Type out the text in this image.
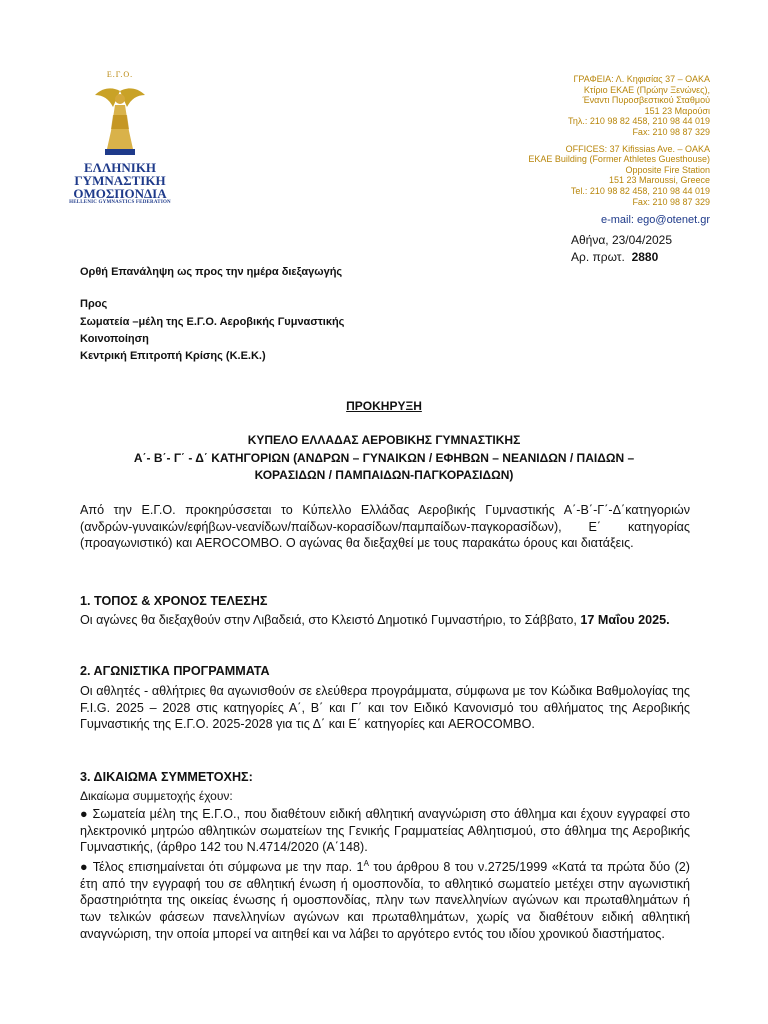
Ε.Γ.Ο.
ΕΛΛΗΝΙΚΗ
ΓΥΜΝΑΣΤΙΚΗ
ΟΜΟΣΠΟΝΔΙΑ
HELLENIC GYMNASTICS FEDERATION
ΓΡΑΦΕΙΑ: Λ. Κηφισίας 37 – ΟΑΚΑ
Κτίριο ΕΚΑΕ (Πρώην Ξενώνες),
Έναντι Πυροσβεστικού Σταθμού
151 23 Μαρούσι
Τηλ.: 210 98 82 458, 210 98 44 019
Fax: 210 98 87 329
OFFICES: 37 Kifissias Ave. – OAKA
EKAE Building (Former Athletes Guesthouse)
Opposite Fire Station
151 23 Maroussi, Greece
Tel.: 210 98 82 458, 210 98 44 019
Fax: 210 98 87 329
e-mail: ego@otenet.gr
Αθήνα, 23/04/2025
Αρ. πρωτ. 2880
Ορθή Επανάληψη ως προς την ημέρα διεξαγωγής
Προς
Σωματεία –μέλη της Ε.Γ.Ο. Αεροβικής Γυμναστικής
Κοινοποίηση
Κεντρική Επιτροπή Κρίσης (Κ.Ε.Κ.)
ΠΡΟΚΗΡΥΞΗ
ΚΥΠΕΛΟ ΕΛΛΑΔΑΣ ΑΕΡΟΒΙΚΗΣ ΓΥΜΝΑΣΤΙΚΗΣ
Α΄- Β΄- Γ΄ - Δ΄ ΚΑΤΗΓΟΡΙΩΝ (ΑΝΔΡΩΝ – ΓΥΝΑΙΚΩΝ / ΕΦΗΒΩΝ – ΝΕΑΝΙΔΩΝ / ΠΑΙΔΩΝ –
ΚΟΡΑΣΙΔΩΝ / ΠΑΜΠΑΙΔΩΝ-ΠΑΓΚΟΡΑΣΙΔΩΝ)
Από την Ε.Γ.Ο. προκηρύσσεται το Κύπελλο Ελλάδας Αεροβικής Γυμναστικής Α΄-Β΄-Γ΄-Δ΄κατηγοριών (ανδρών-γυναικών/εφήβων-νεανίδων/παίδων-κορασίδων/παμπαίδων-παγκορασίδων), Ε΄ κατηγορίας (προαγωνιστικό) και AEROCOMBO. Ο αγώνας θα διεξαχθεί με τους παρακάτω όρους και διατάξεις.
1. ΤΟΠΟΣ & ΧΡΟΝΟΣ ΤΕΛΕΣΗΣ
Οι αγώνες θα διεξαχθούν στην Λιβαδειά, στο Κλειστό Δημοτικό Γυμναστήριο, το Σάββατο, 17 Μαΐου 2025.
2. ΑΓΩΝΙΣΤΙΚΑ ΠΡΟΓΡΑΜΜΑΤΑ
Οι αθλητές - αθλήτριες θα αγωνισθούν σε ελεύθερα προγράμματα, σύμφωνα με τον Κώδικα Βαθμολογίας της F.I.G. 2025 – 2028 στις κατηγορίες Α΄, Β΄ και Γ΄ και τον Ειδικό Κανονισμό του αθλήματος της Αεροβικής Γυμναστικής της Ε.Γ.Ο. 2025-2028 για τις Δ΄ και Ε΄ κατηγορίες και AEROCOMBO.
3. ΔΙΚΑΙΩΜΑ ΣΥΜΜΕΤΟΧΗΣ:
Δικαίωμα συμμετοχής έχουν:
● Σωματεία μέλη της Ε.Γ.Ο., που διαθέτουν ειδική αθλητική αναγνώριση στο άθλημα και έχουν εγγραφεί στο ηλεκτρονικό μητρώο αθλητικών σωματείων της Γενικής Γραμματείας Αθλητισμού, στο άθλημα της Αεροβικής Γυμναστικής, (άρθρο 142 του Ν.4714/2020 (Α΄148).
● Τέλος επισημαίνεται ότι σύμφωνα με την παρ. $1^A$ του άρθρου 8 του ν.2725/1999 «Κατά τα πρώτα δύο (2) έτη από την εγγραφή του σε αθλητική ένωση ή ομοσπονδία, το αθλητικό σωματείο μετέχει στην αγωνιστική δραστηριότητα της οικείας ένωσης ή ομοσπονδίας, πλην των πανελληνίων αγώνων και πρωταθλημάτων ή των τελικών φάσεων πανελληνίων αγώνων και πρωταθλημάτων, χωρίς να διαθέτουν ειδική αθλητική αναγνώριση, την οποία μπορεί να αιτηθεί και να λάβει το αργότερο εντός του ιδίου χρονικού διαστήματος.
